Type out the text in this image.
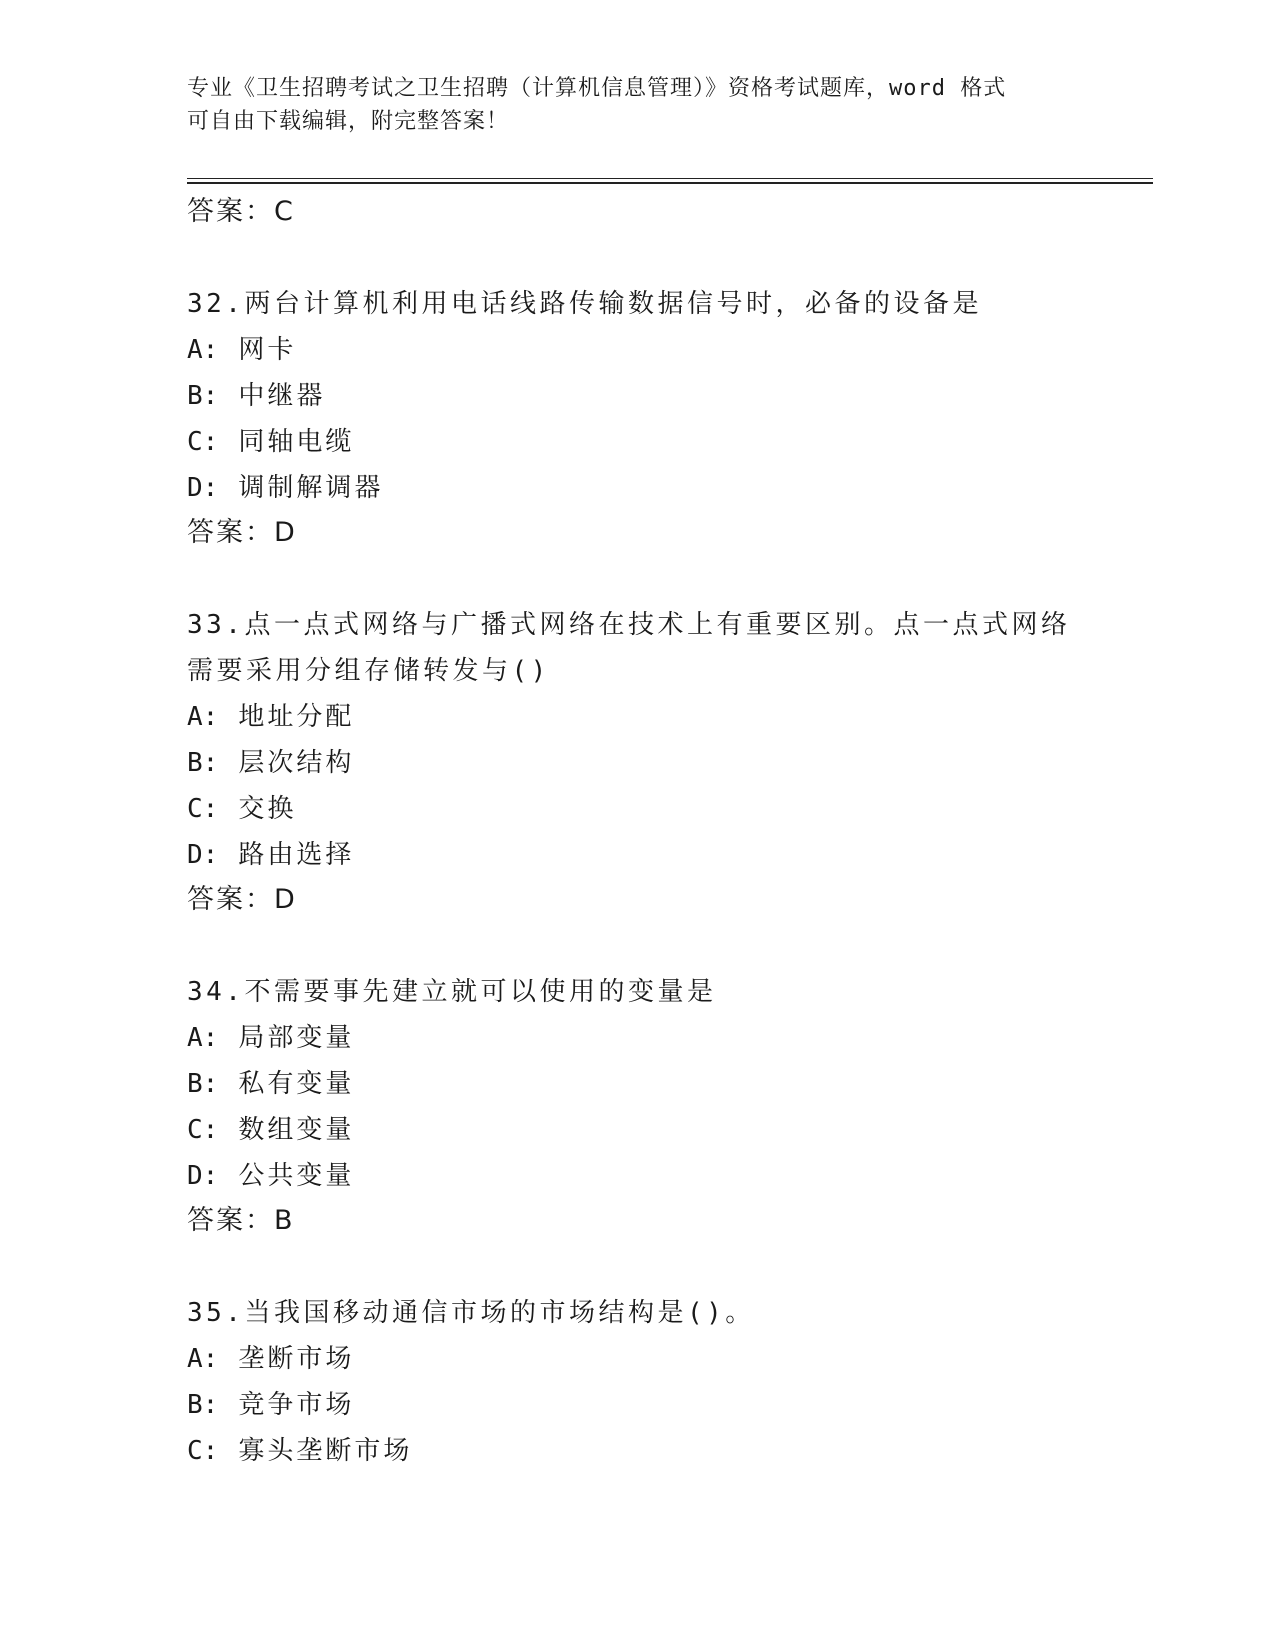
专业《卫生招聘考试之卫生招聘（计算机信息管理）》资格考试题库，word 格式
可自由下载编辑，附完整答案！
答案：C
32.两台计算机利用电话线路传输数据信号时，必备的设备是
A: 网卡
B: 中继器
C: 同轴电缆
D: 调制解调器
答案：D
33.点一点式网络与广播式网络在技术上有重要区别。点一点式网络需要采用分组存储转发与()
A: 地址分配
B: 层次结构
C: 交换
D: 路由选择
答案：D
34.不需要事先建立就可以使用的变量是
A: 局部变量
B: 私有变量
C: 数组变量
D: 公共变量
答案：B
35.当我国移动通信市场的市场结构是()。
A: 垄断市场
B: 竞争市场
C: 寡头垄断市场
